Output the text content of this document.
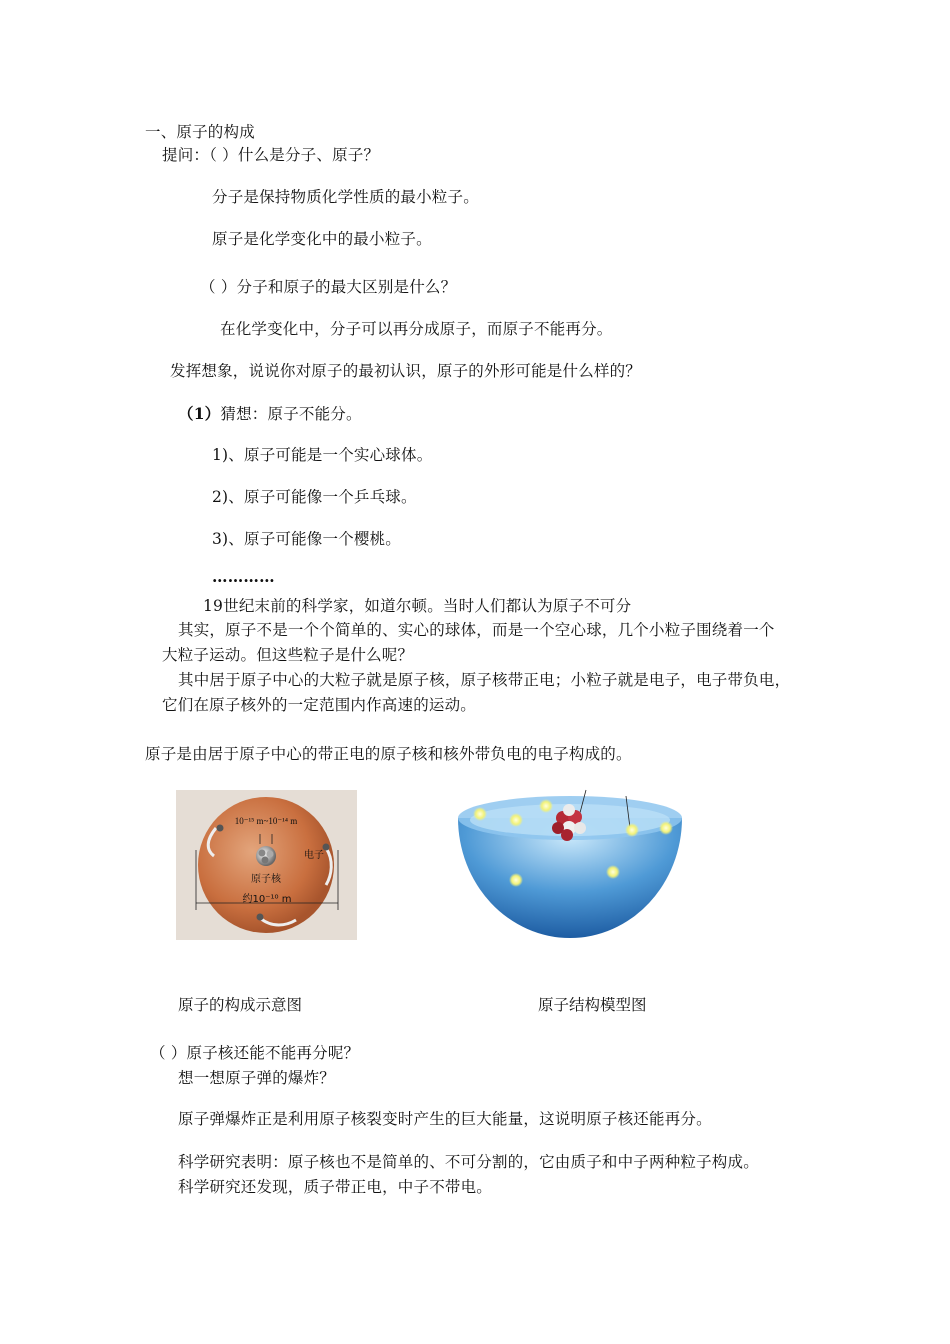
一、原子的构成
提问：（ ）什么是分子、原子？
分子是保持物质化学性质的最小粒子。
原子是化学变化中的最小粒子。
（ ）分子和原子的最大区别是什么？
在化学变化中，分子可以再分成原子，而原子不能再分。
发挥想象，说说你对原子的最初认识，原子的外形可能是什么样的？
（1）猜想：原子不能分。
1)、原子可能是一个实心球体。
2)、原子可能像一个乒乓球。
3)、原子可能像一个樱桃。
…………
19世纪末前的科学家，如道尔顿。当时人们都认为原子不可分
其实，原子不是一个个简单的、实心的球体，而是一个空心球，几个小粒子围绕着一个
大粒子运动。但这些粒子是什么呢？
其中居于原子中心的大粒子就是原子核，原子核带正电；小粒子就是电子，电子带负电，
它们在原子核外的一定范围内作高速的运动。
原子是由居于原子中心的带正电的原子核和核外带负电的电子构成的。
10⁻¹⁵ m~10⁻¹⁴ m
电子
原子核
约10⁻¹⁰ m
原子的构成示意图	原子结构模型图
（ ）原子核还能不能再分呢？
想一想原子弹的爆炸？
原子弹爆炸正是利用原子核裂变时产生的巨大能量，这说明原子核还能再分。
科学研究表明：原子核也不是简单的、不可分割的，它由质子和中子两种粒子构成。
科学研究还发现，质子带正电，中子不带电。
